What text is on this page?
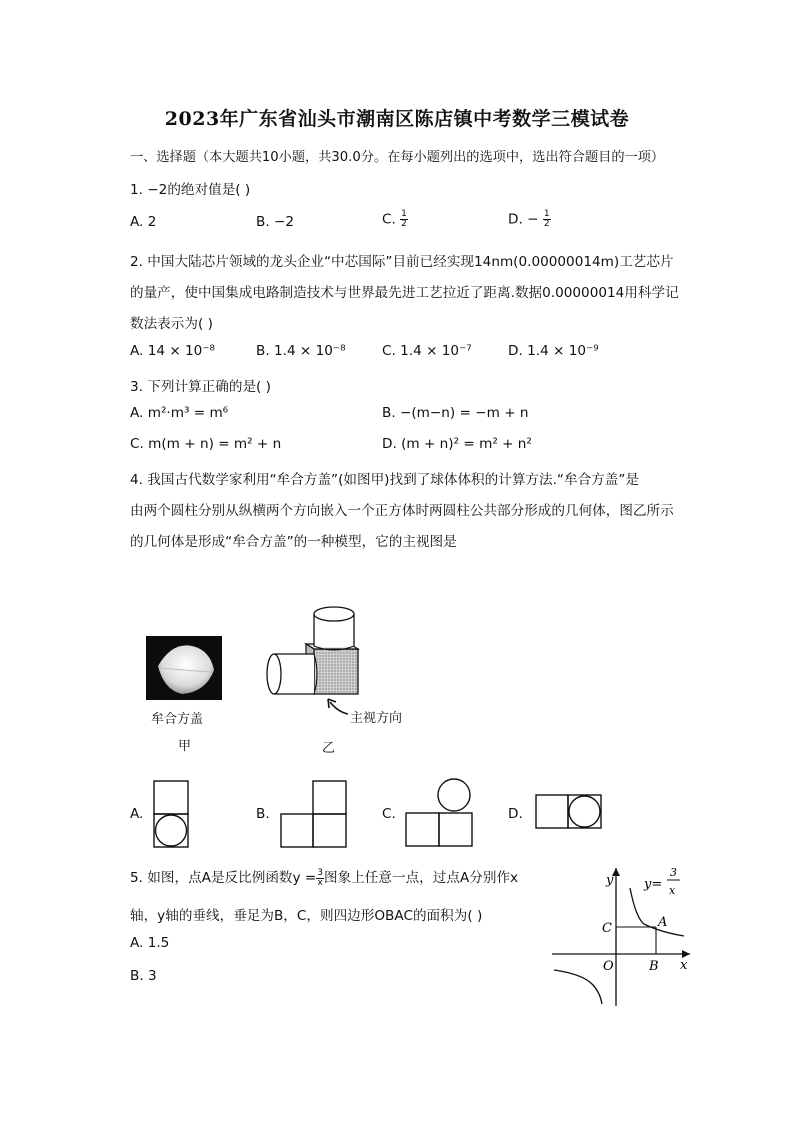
2023年广东省汕头市潮南区陈店镇中考数学三模试卷
一、选择题（本大题共10小题，共30.0分。在每小题列出的选项中，选出符合题目的一项）
1. −2的绝对值是( )
A. 2	B. −2	C. $\frac{1}{2}$	D. − $\frac{1}{2}$
2. 中国大陆芯片领域的龙头企业“中芯国际”目前已经实现14nm(0.00000014m)工艺芯片
的量产，使中国集成电路制造技术与世界最先进工艺拉近了距离.数据0.00000014用科学记
数法表示为( )
A. 14 × 10⁻⁸	B. 1.4 × 10⁻⁸	C. 1.4 × 10⁻⁷	D. 1.4 × 10⁻⁹
3. 下列计算正确的是( )
A. m²·m³ = m⁶	B. −(m−n) = −m + n
C. m(m + n) = m² + n	D. (m + n)² = m² + n²
4. 我国古代数学家利用“牟合方盖”(如图甲)找到了球体体积的计算方法.“牟合方盖”是
由两个圆柱分别从纵横两个方向嵌入一个正方体时两圆柱公共部分形成的几何体，图乙所示
的几何体是形成“牟合方盖”的一种模型，它的主视图是
牟合方盖
甲
主视方向
乙
A.	B.	C.	D.
5. 如图，点A是反比例函数$y = \frac{3}{x}$ 图象上任意一点，过点A分别作x
轴，y轴的垂线，垂足为B，C，则四边形OBAC的面积为( )
A. 1.5
B. 3
y
x
O
A
B
C
y=
3
x
